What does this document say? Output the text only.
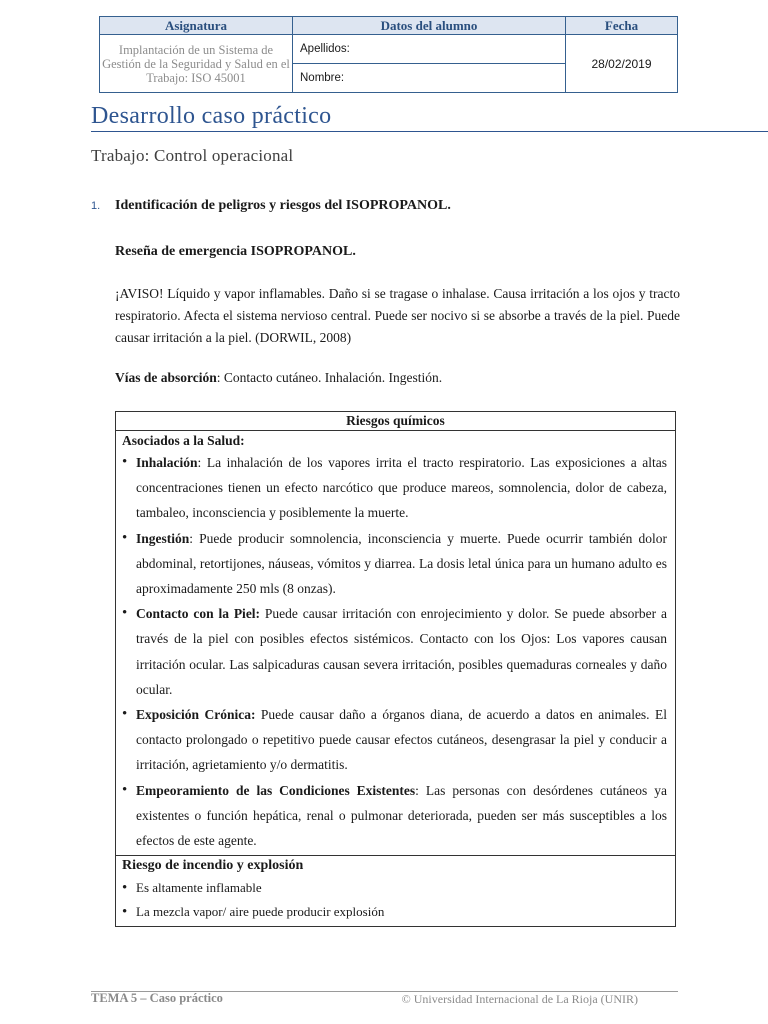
Asignatura	Datos del alumno	Fecha
Implantación de un Sistema de Gestión de la Seguridad y Salud en el Trabajo: ISO 45001	Apellidos:	28/02/2019
	Nombre:	
Desarrollo caso práctico
Trabajo: Control operacional
1. Identificación de peligros y riesgos del ISOPROPANOL.
Reseña de emergencia ISOPROPANOL.

¡AVISO! Líquido y vapor inflamables. Daño si se tragase o inhalase. Causa irritación a los ojos y tracto respiratorio. Afecta el sistema nervioso central. Puede ser nocivo si se absorbe a través de la piel. Puede causar irritación a la piel. (DORWIL, 2008)

Vías de absorción: Contacto cutáneo. Inhalación. Ingestión.
Riesgos químicos
Asociados a la Salud:
• Inhalación: La inhalación de los vapores irrita el tracto respiratorio. Las exposiciones a altas concentraciones tienen un efecto narcótico que produce mareos, somnolencia, dolor de cabeza, tambaleo, inconsciencia y posiblemente la muerte.
• Ingestión: Puede producir somnolencia, inconsciencia y muerte. Puede ocurrir también dolor abdominal, retortijones, náuseas, vómitos y diarrea. La dosis letal única para un humano adulto es aproximadamente 250 mls (8 onzas).
• Contacto con la Piel: Puede causar irritación con enrojecimiento y dolor. Se puede absorber a través de la piel con posibles efectos sistémicos. Contacto con los Ojos: Los vapores causan irritación ocular. Las salpicaduras causan severa irritación, posibles quemaduras corneales y daño ocular.
• Exposición Crónica: Puede causar daño a órganos diana, de acuerdo a datos en animales. El contacto prolongado o repetitivo puede causar efectos cutáneos, desengrasar la piel y conducir a irritación, agrietamiento y/o dermatitis.
• Empeoramiento de las Condiciones Existentes: Las personas con desórdenes cutáneos ya existentes o función hepática, renal o pulmonar deteriorada, pueden ser más susceptibles a los efectos de este agente.
Riesgo de incendio y explosión
• Es altamente inflamable
• La mezcla vapor/ aire puede producir explosión
TEMA 5 – Caso práctico	© Universidad Internacional de La Rioja (UNIR)
